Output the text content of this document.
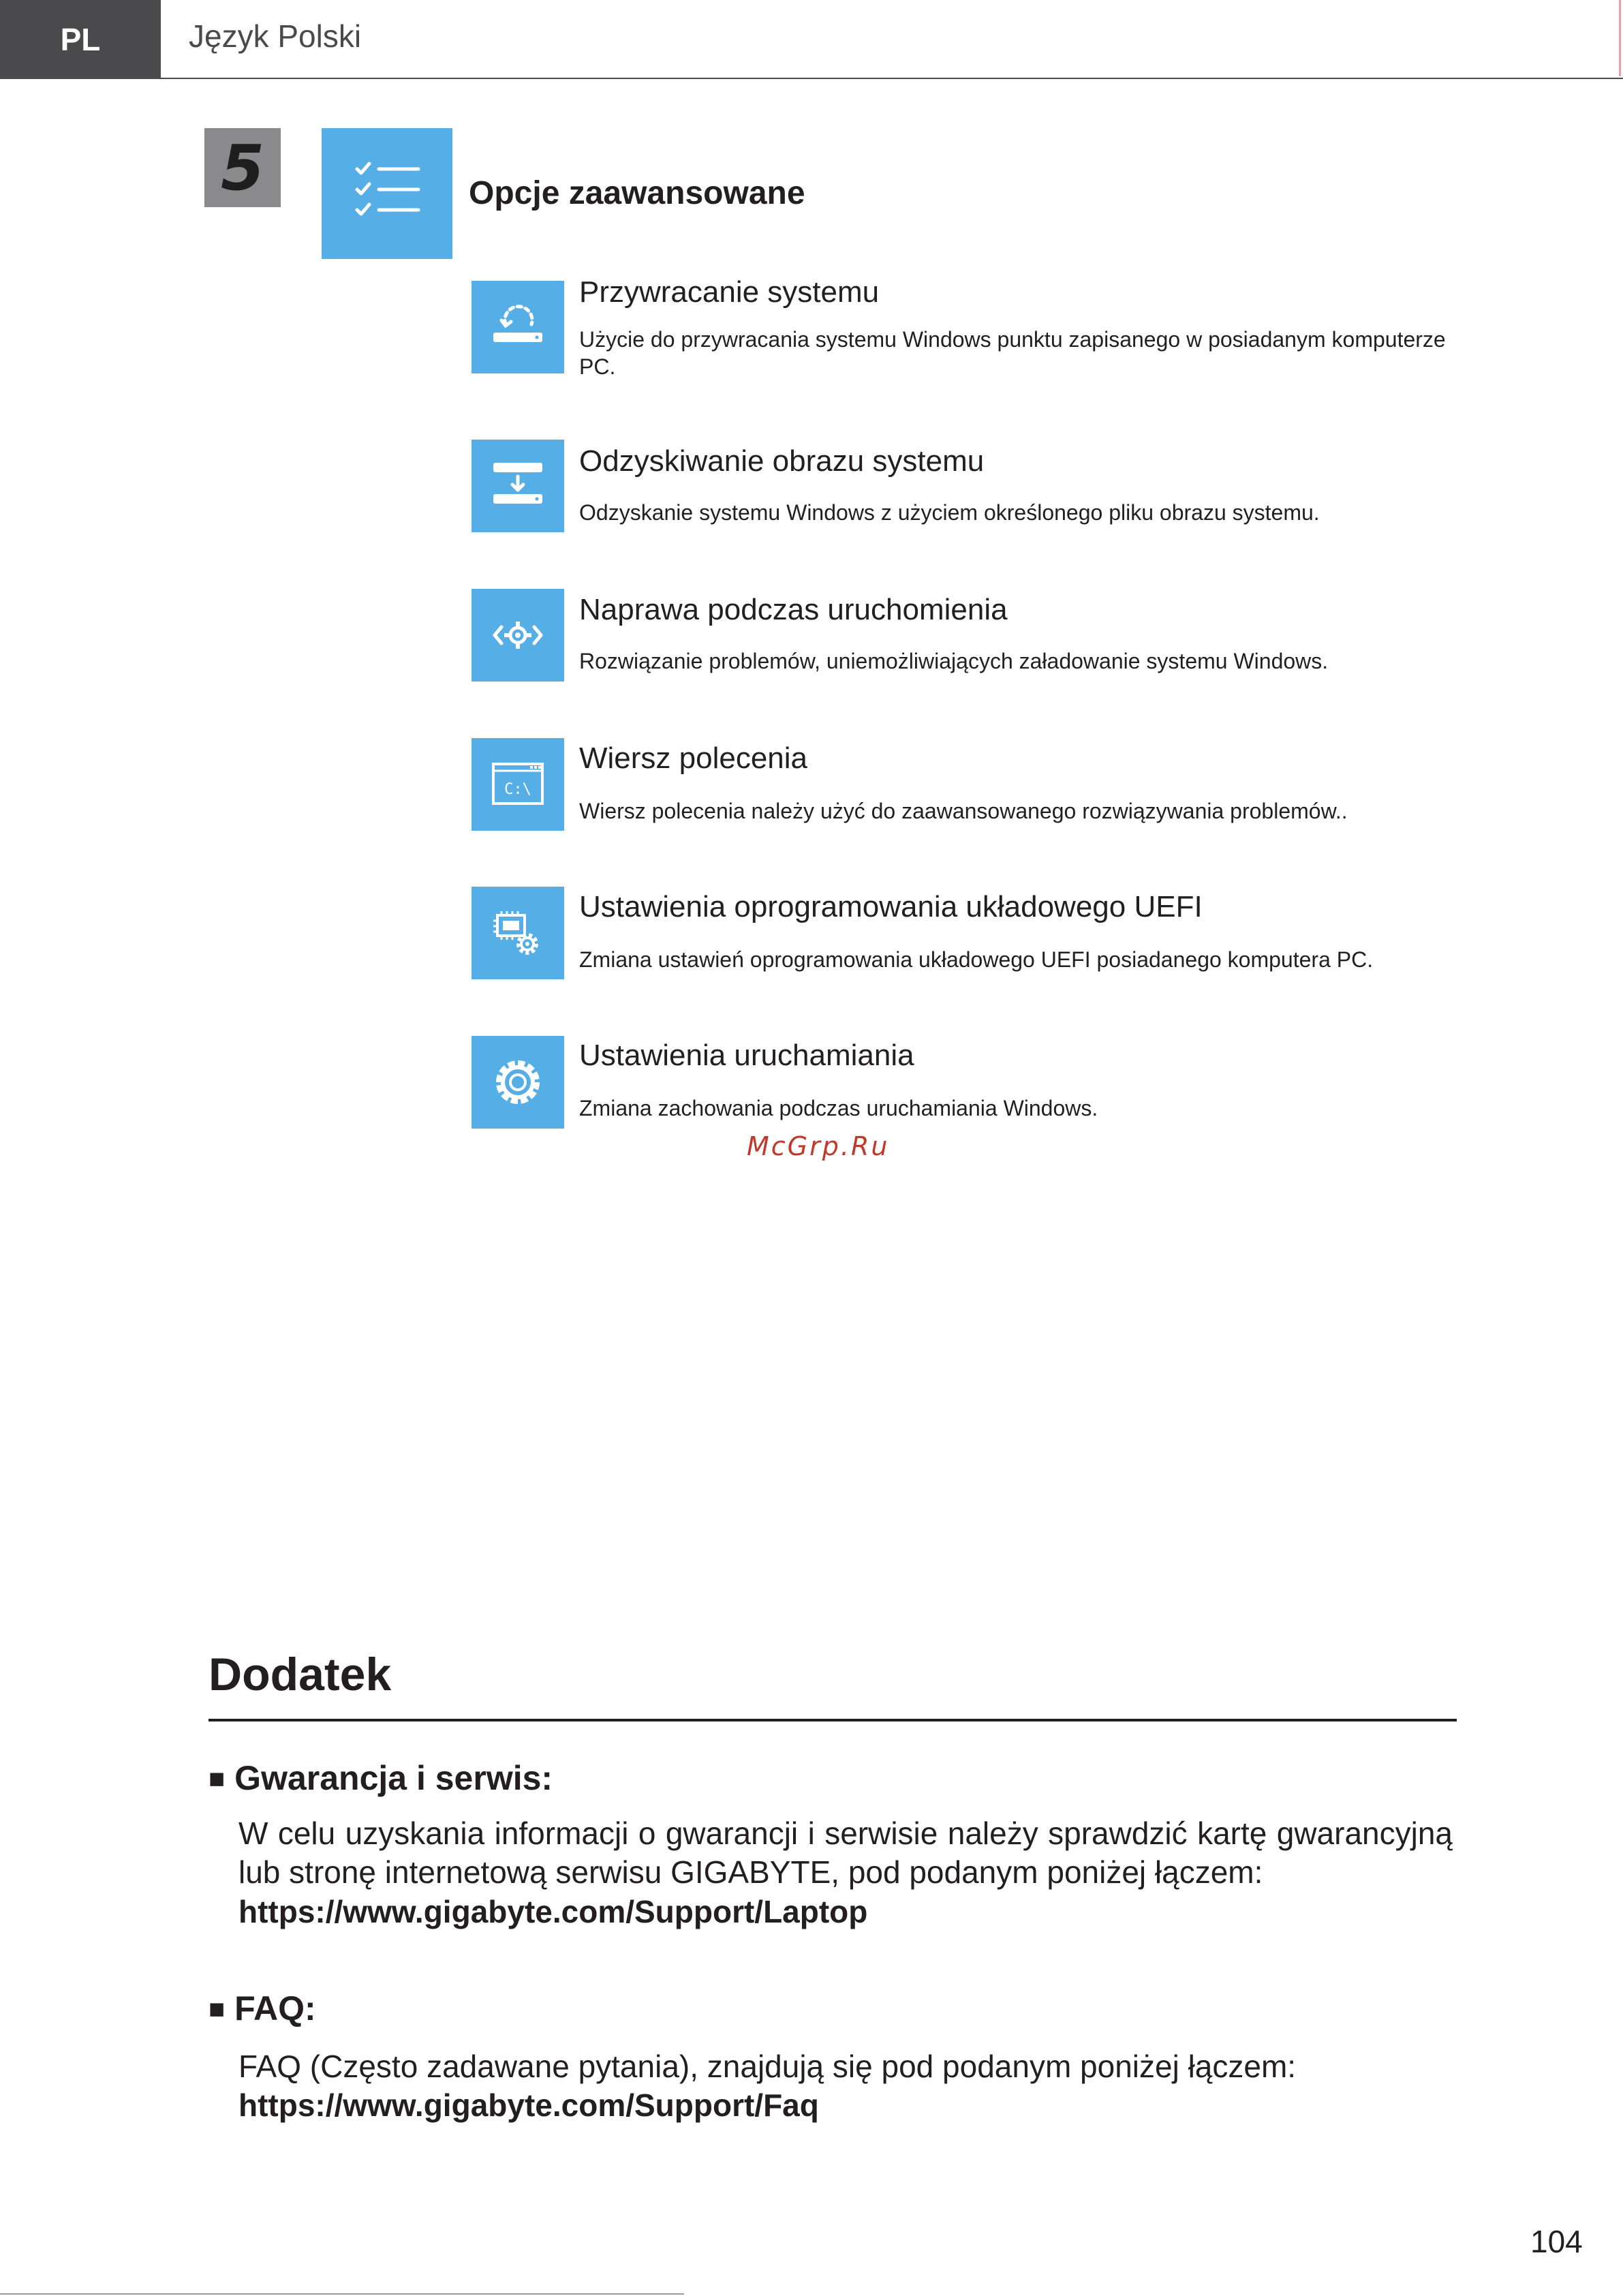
PL	Język Polski
5	Opcje zaawansowane
Przywracanie systemu
Użycie do przywracania systemu Windows punktu zapisanego w posiadanym komputerze PC.
Odzyskiwanie obrazu systemu
Odzyskanie systemu Windows z użyciem określonego pliku obrazu systemu.
Naprawa podczas uruchomienia
Rozwiązanie problemów, uniemożliwiających załadowanie systemu Windows.
C:\
Wiersz polecenia
Wiersz polecenia należy użyć do zaawansowanego rozwiązywania problemów..
Ustawienia oprogramowania układowego UEFI
Zmiana ustawień oprogramowania układowego UEFI posiadanego komputera PC.
Ustawienia uruchamiania
Zmiana zachowania podczas uruchamiania Windows.
McGrp.Ru
Dodatek
■ Gwarancja i serwis:
W celu uzyskania informacji o gwarancji i serwisie należy sprawdzić kartę gwarancyjną lub stronę internetową serwisu GIGABYTE, pod podanym poniżej łączem:
https://www.gigabyte.com/Support/Laptop
■ FAQ:
FAQ (Często zadawane pytania), znajdują się pod podanym poniżej łączem:
https://www.gigabyte.com/Support/Faq
104
